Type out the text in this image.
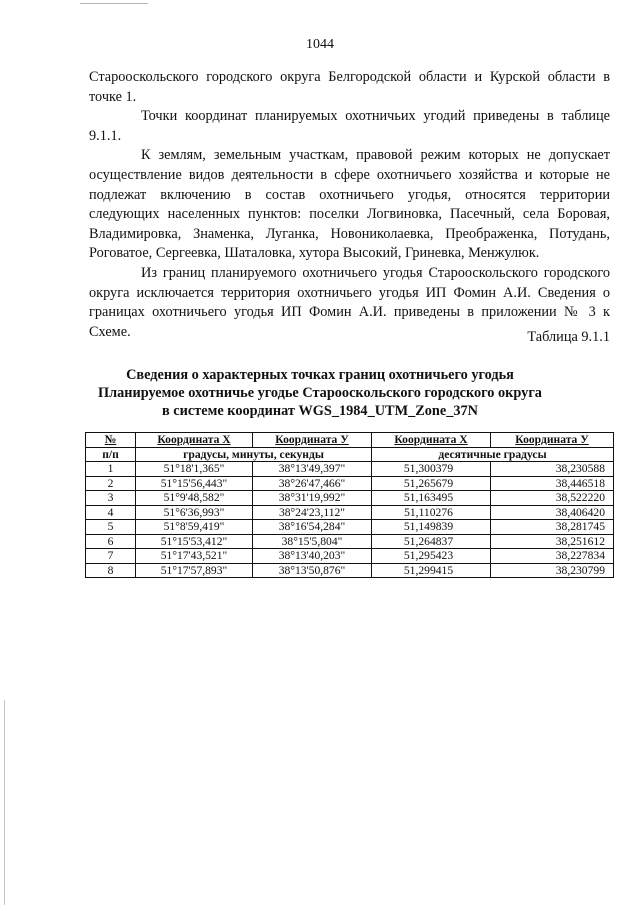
1044

Старооскольского городского округа Белгородской области и Курской области в точке 1.

Точки координат планируемых охотничьих угодий приведены в таблице 9.1.1.

К землям, земельным участкам, правовой режим которых не допускает осуществление видов деятельности в сфере охотничьего хозяйства и которые не подлежат включению в состав охотничьего угодья, относятся территории следующих населенных пунктов: поселки Логвиновка, Пасечный, села Боровая, Владимировка, Знаменка, Луганка, Новониколаевка, Преображенка, Потудань, Роговатое, Сергеевка, Шаталовка, хутора Высокий, Гриневка, Менжулюк.

Из границ планируемого охотничьего угодья Старооскольского городского округа исключается территория охотничьего угодья ИП Фомин А.И. Сведения о границах охотничьего угодья ИП Фомин А.И. приведены в приложении № 3 к Схеме.	Таблица 9.1.1
Сведения о характерных точках границ охотничьего угодья
Планируемое охотничье угодье Старооскольского городского округа
в системе координат WGS_1984_UTM_Zone_37N
№	Координата X	Координата У	Координата X	Координата У
п/п	градусы, минуты, секунды		десятичные градусы	
1	51°18'1,365"	38°13'49,397"	51,300379	38,230588
2	51°15'56,443"	38°26'47,466"	51,265679	38,446518
3	51°9'48,582"	38°31'19,992"	51,163495	38,522220
4	51°6'36,993"	38°24'23,112"	51,110276	38,406420
5	51°8'59,419"	38°16'54,284"	51,149839	38,281745
6	51°15'53,412"	38°15'5,804"	51,264837	38,251612
7	51°17'43,521"	38°13'40,203"	51,295423	38,227834
8	51°17'57,893"	38°13'50,876"	51,299415	38,230799
